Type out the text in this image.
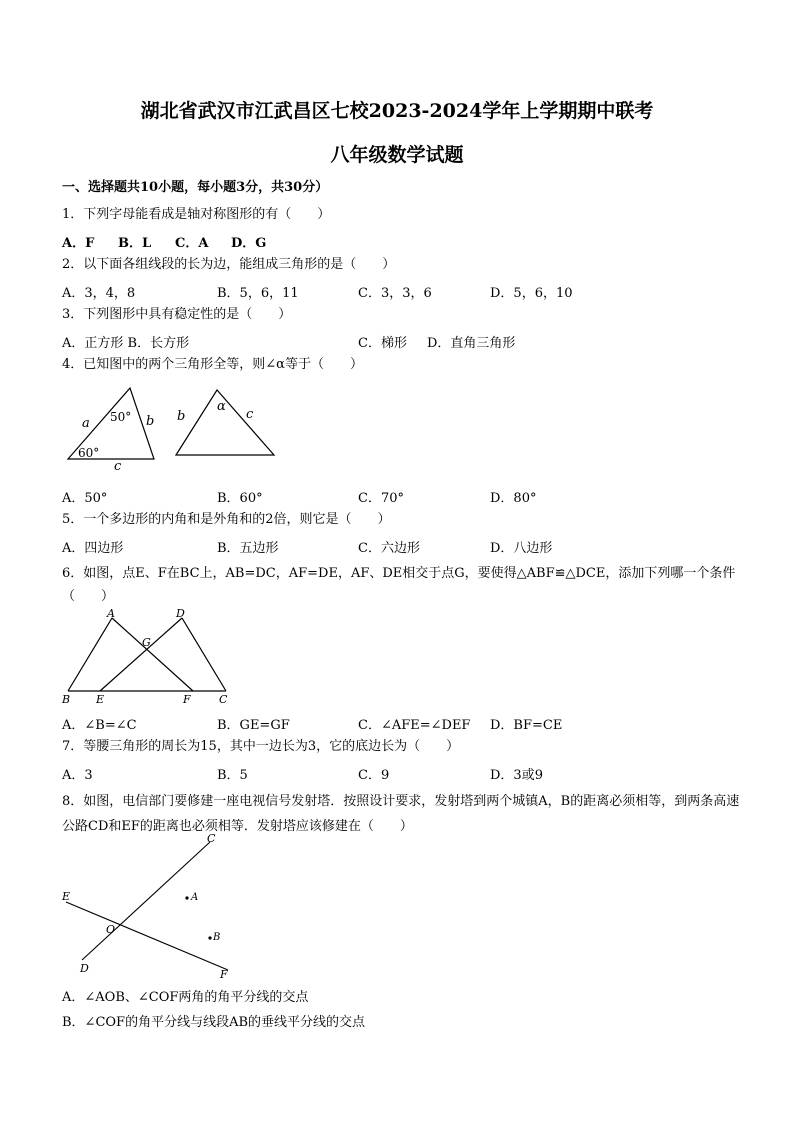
湖北省武汉市江武昌区七校2023-2024学年上学期期中联考
八年级数学试题
一、选择题共10小题，每小题3分，共30分）
1．下列字母能看成是轴对称图形的有（　　）
A．F B．L C．A D．G
2．以下面各组线段的长为边，能组成三角形的是（　　）
A．3，4，8	B．5，6，11	C．3，3，6	D．5，6，10
3．下列图形中具有稳定性的是（　　）
A．正方形 B．长方形	C．梯形 D．直角三角形
4．已知图中的两个三角形全等，则∠α等于（　　）
a 50° b
60°
c
b
α
c
A．50°	B．60°	C．70°	D．80°
5．一个多边形的内角和是外角和的2倍，则它是（　　）
A．四边形	B．五边形	C．六边形	D．八边形
6．如图，点E、F在BC上，AB=DC，AF=DE，AF、DE相交于点G，要使得△ABF≌△DCE，添加下列哪一个条件（　　）
A	D
G
B E	F	C
A．∠B=∠C	B．GE=GF	C．∠AFE=∠DEF D．BF=CE
7．等腰三角形的周长为15，其中一边长为3，它的底边长为（　　）
A．3	B．5	C．9	D．3或9
8．如图，电信部门要修建一座电视信号发射塔．按照设计要求，发射塔到两个城镇A，B的距离必须相等，到两条高速公路CD和EF的距离也必须相等．发射塔应该修建在（　　）
C
E	A
O
B
D	F
A．∠AOB、∠COF两角的角平分线的交点
B．∠COF的角平分线与线段AB的垂线平分线的交点
